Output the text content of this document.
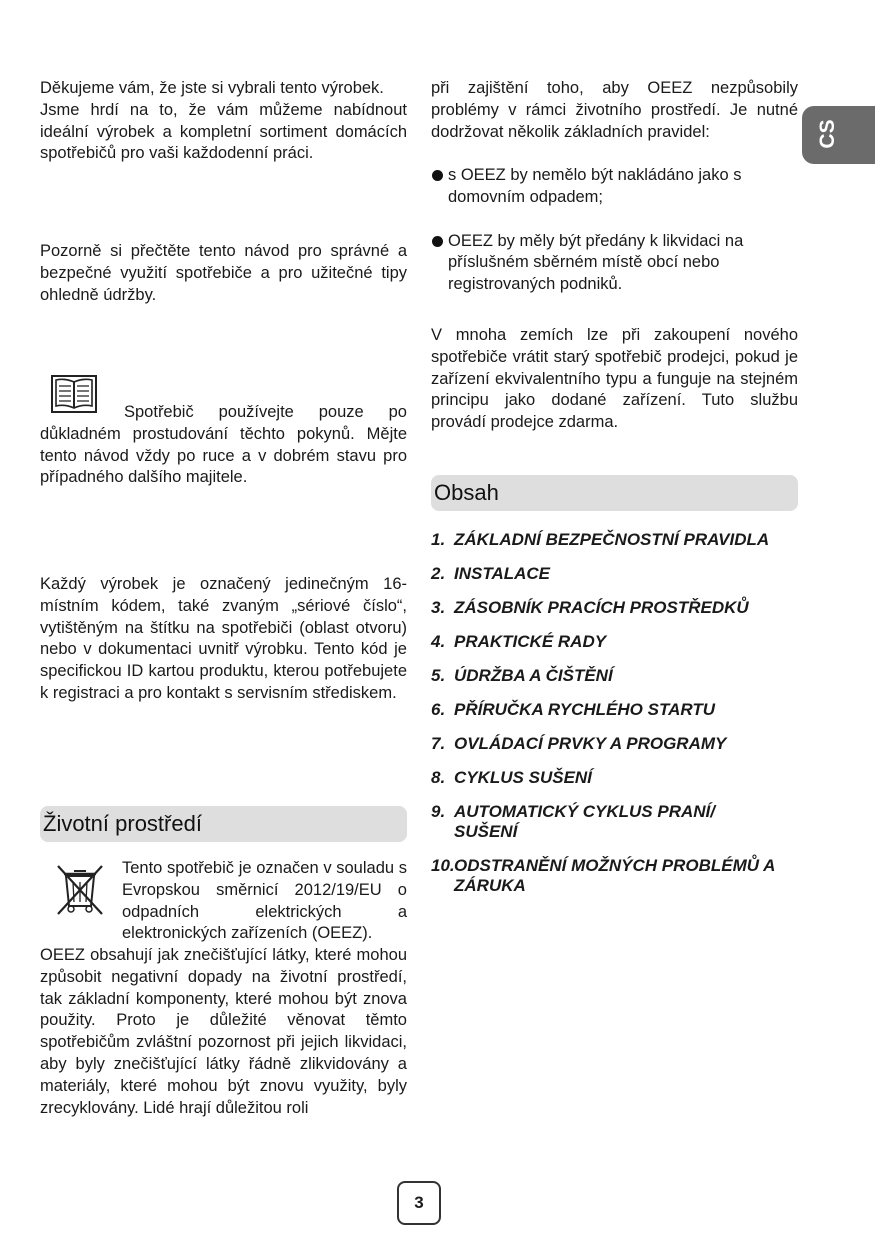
CS

Děkujeme vám, že jste si vybrali tento výrobek.

Jsme hrdí na to, že vám můžeme nabídnout ideální výrobek a kompletní sortiment domácích spotřebičů pro vaši každodenní práci.

Pozorně si přečtěte tento návod pro správné a bezpečné využití spotřebiče a pro užitečné tipy ohledně údržby.

Spotřebič používejte pouze po důkladném prostudování těchto pokynů. Mějte tento návod vždy po ruce a v dobrém stavu pro případného dalšího majitele.

Každý výrobek je označený jedinečným 16-místním kódem, také zvaným „sériové číslo“, vytištěným na štítku na spotřebiči (oblast otvoru) nebo v dokumentaci uvnitř výrobku. Tento kód je specifickou ID kartou produktu, kterou potřebujete k registraci a pro kontakt s servisním střediskem.

Životní prostředí

Tento spotřebič je označen v souladu s Evropskou směrnicí 2012/19/EU o odpadních elektrických a elektronických zařízeních (OEEZ).

OEEZ obsahují jak znečišťující látky, které mohou způsobit negativní dopady na životní prostředí, tak základní komponenty, které mohou být znova použity. Proto je důležité věnovat těmto spotřebičům zvláštní pozornost při jejich likvidaci, aby byly znečišťující látky řádně zlikvidovány a materiály, které mohou být znovu využity, byly zrecyklovány. Lidé hrají důležitou roli

při zajištění toho, aby OEEZ nezpůsobily problémy v rámci životního prostředí. Je nutné dodržovat několik základních pravidel:

s OEEZ by nemělo být nakládáno jako s domovním odpadem;
OEEZ by měly být předány k likvidaci na příslušném sběrném místě obcí nebo registrovaných podniků.

V mnoha zemích lze při zakoupení nového spotřebiče vrátit starý spotřebič prodejci, pokud je zařízení ekvivalentního typu a funguje na stejném principu jako dodané zařízení. Tuto službu provádí prodejce zdarma.

Obsah
1. ZÁKLADNÍ BEZPEČNOSTNÍ PRAVIDLA
2. INSTALACE
3. ZÁSOBNÍK PRACÍCH PROSTŘEDKŮ
4. PRAKTICKÉ RADY
5. ÚDRŽBA A ČIŠTĚNÍ
6. PŘÍRUČKA RYCHLÉHO STARTU
7. OVLÁDACÍ PRVKY A PROGRAMY
8. CYKLUS SUŠENÍ
9. AUTOMATICKÝ CYKLUS PRANÍ/ SUŠENÍ
10. ODSTRANĚNÍ MOŽNÝCH PROBLÉMŮ A ZÁRUKA
3
